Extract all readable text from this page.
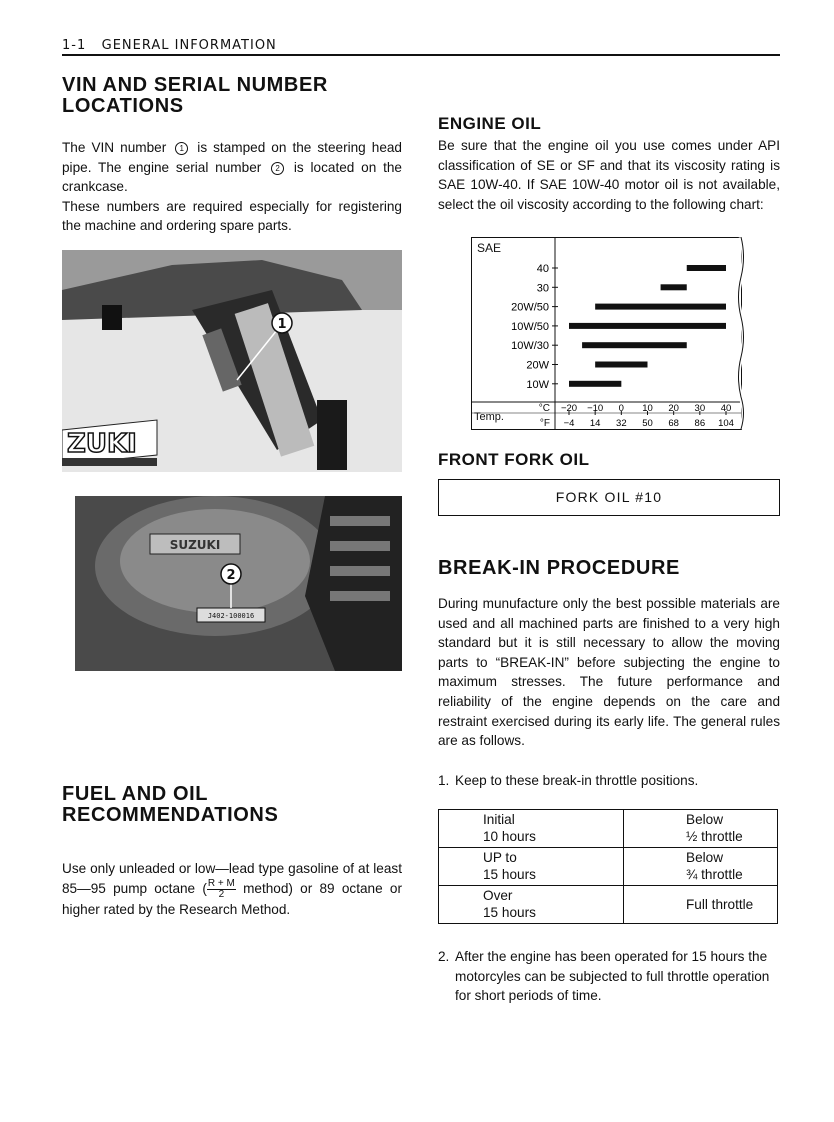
1-1 GENERAL INFORMATION
VIN AND SERIAL NUMBER
LOCATIONS

The VIN number 1 is stamped on the steering head pipe. The engine serial number 2 is located on the crankcase.

These numbers are required especially for registering the machine and ordering spare parts.

ZUKI
1
SUZUKI
J402-100016
2
FUEL AND OIL
RECOMMENDATIONS
Use only unleaded or low—lead type gasoline of at least 85—95 pump octane ( $\frac{R + M}{2}$ method) or 89 octane or higher rated by the Research Method.
ENGINE OIL
Be sure that the engine oil you use comes under API classification of SE or SF and that its viscosity rating is SAE 10W-40. If SAE 10W-40 motor oil is not available, select the oil viscosity according to the following chart:
SAE
Temp.
°C
°F
40
30
20W/50
10W/50
10W/30
20W
10W
−20
−4
−10
14
0
32
10
50
20
68
30
86
40
104
FRONT FORK OIL
FORK OIL #10
BREAK-IN PROCEDURE
During munufacture only the best possible materials are used and all machined parts are finished to a very high standard but it is still necessary to allow the moving parts to “BREAK-IN” before subjecting the engine to maximum stresses. The future performance and reliability of the engine depends on the care and restraint exercised during its early life. The general rules are as follows.
1. Keep to these break-in throttle positions.
Initial
10 hours	Below
½ throttle
UP to
15 hours	Below
¾ throttle
Over
15 hours	Full throttle
2. After the engine has been operated for 15 hours the motorcyles can be subjected to full throttle operation for short periods of time.
